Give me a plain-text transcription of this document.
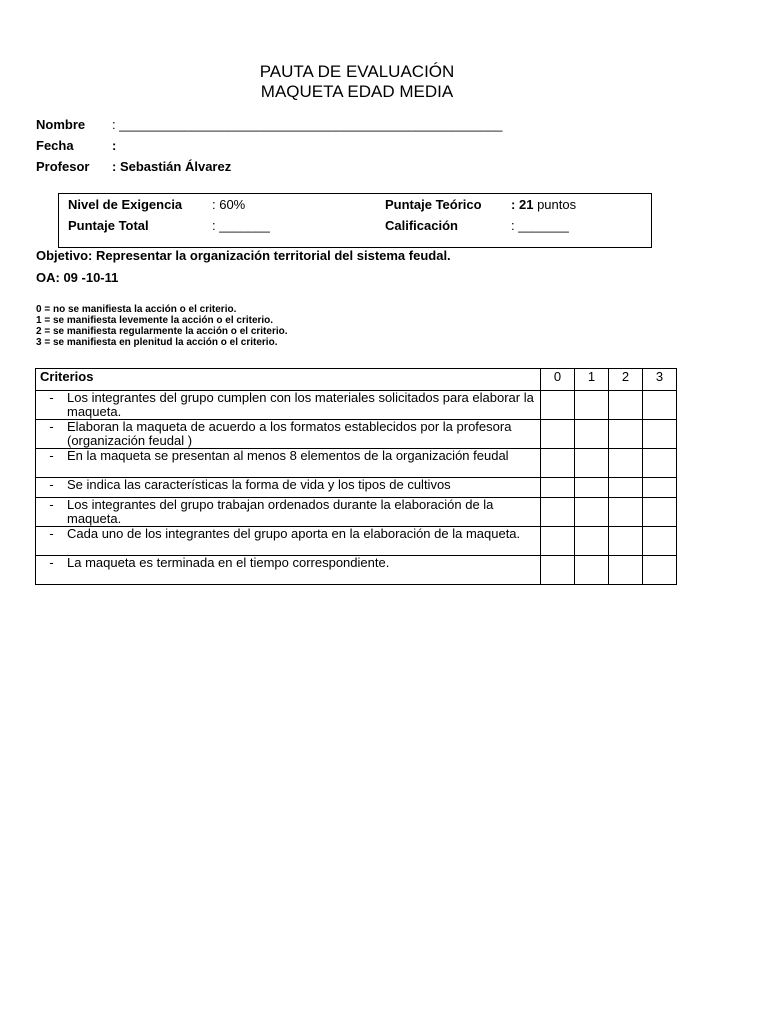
PAUTA DE EVALUACIÓN
MAQUETA EDAD MEDIA
Nombre : _____________________________________________________
Fecha	:
Profesor : Sebastián Álvarez
Nivel de Exigencia : 60%	Puntaje Teórico : 21 puntos
Puntaje Total	: _______	Calificación	: _______
Objetivo: Representar la organización territorial del sistema feudal.
OA: 09 -10-11
0 = no se manifiesta la acción o el criterio.
1 = se manifiesta levemente la acción o el criterio.
2 = se manifiesta regularmente la acción o el criterio.
3 = se manifiesta en plenitud la acción o el criterio.
Criterios	0	1	2	3

- Los integrantes del grupo cumplen con los materiales solicitados para elaborar la maqueta.				

- Elaboran la maqueta de acuerdo a los formatos establecidos por la profesora (organización feudal )				

- En la maqueta se presentan al menos 8 elementos de la organización feudal				

- Se indica las características la forma de vida y los tipos de cultivos				

- Los integrantes del grupo trabajan ordenados durante la elaboración de la maqueta.				

- Cada uno de los integrantes del grupo aporta en la elaboración de la maqueta.				

- La maqueta es terminada en el tiempo correspondiente.				
